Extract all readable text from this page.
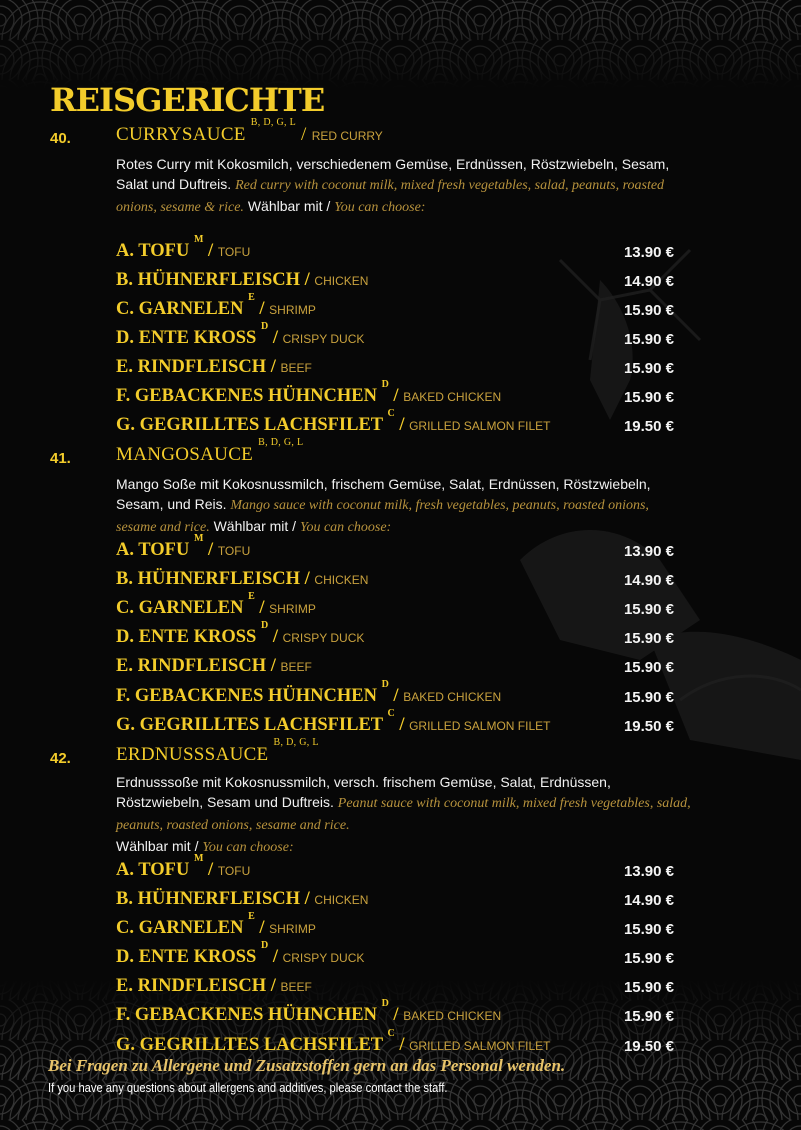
REISGERICHTE
40. CURRYSAUCE $^{B, D, G, L}$ / RED CURRY
Rotes Curry mit Kokosmilch, verschiedenem Gemüse, Erdnüssen, Röstzwiebeln, Sesam, Salat und Duftreis. Red curry with coconut milk, mixed fresh vegetables, salad, peanuts, roasted onions, sesame & rice. Wählbar mit / You can choose:
A. TOFU $^M$ / TOFU	13.90 €
B. HÜHNERFLEISCH / CHICKEN	14.90 €
C. GARNELEN $^E$ / SHRIMP	15.90 €
D. ENTE KROSS $^D$ / CRISPY DUCK	15.90 €
E. RINDFLEISCH / BEEF	15.90 €
F. GEBACKENES HÜHNCHEN $^D$ / BAKED CHICKEN	15.90 €
G. GEGRILLTES LACHSFILET $^C$ / GRILLED SALMON FILET	19.50 €
41. MANGOSAUCE $^{B, D, G, L}$
Mango Soße mit Kokosnussmilch, frischem Gemüse, Salat, Erdnüssen, Röstzwiebeln, Sesam, und Reis. Mango sauce with coconut milk, fresh vegetables, peanuts, roasted onions, sesame and rice. Wählbar mit / You can choose:
A. TOFU $^M$ / TOFU	13.90 €
B. HÜHNERFLEISCH / CHICKEN	14.90 €
C. GARNELEN $^E$ / SHRIMP	15.90 €
D. ENTE KROSS $^D$ / CRISPY DUCK	15.90 €
E. RINDFLEISCH / BEEF	15.90 €
F. GEBACKENES HÜHNCHEN $^D$ / BAKED CHICKEN	15.90 €
G. GEGRILLTES LACHSFILET $^C$ / GRILLED SALMON FILET	19.50 €
42. ERDNUSSSAUCE $^{B, D, G, L}$
Erdnusssoße mit Kokosnussmilch, versch. frischem Gemüse, Salat, Erdnüssen, Röstzwiebeln, Sesam und Duftreis. Peanut sauce with coconut milk, mixed fresh vegetables, salad, peanuts, roasted onions, sesame and rice.
Wählbar mit / You can choose:
A. TOFU $^M$ / TOFU	13.90 €
B. HÜHNERFLEISCH / CHICKEN	14.90 €
C. GARNELEN $^E$ / SHRIMP	15.90 €
D. ENTE KROSS $^D$ / CRISPY DUCK	15.90 €
E. RINDFLEISCH / BEEF	15.90 €
F. GEBACKENES HÜHNCHEN $^D$ / BAKED CHICKEN	15.90 €
G. GEGRILLTES LACHSFILET $^C$ / GRILLED SALMON FILET	19.50 €
Bei Fragen zu Allergene und Zusatzstoffen gern an das Personal wenden.
If you have any questions about allergens and additives, please contact the staff.
